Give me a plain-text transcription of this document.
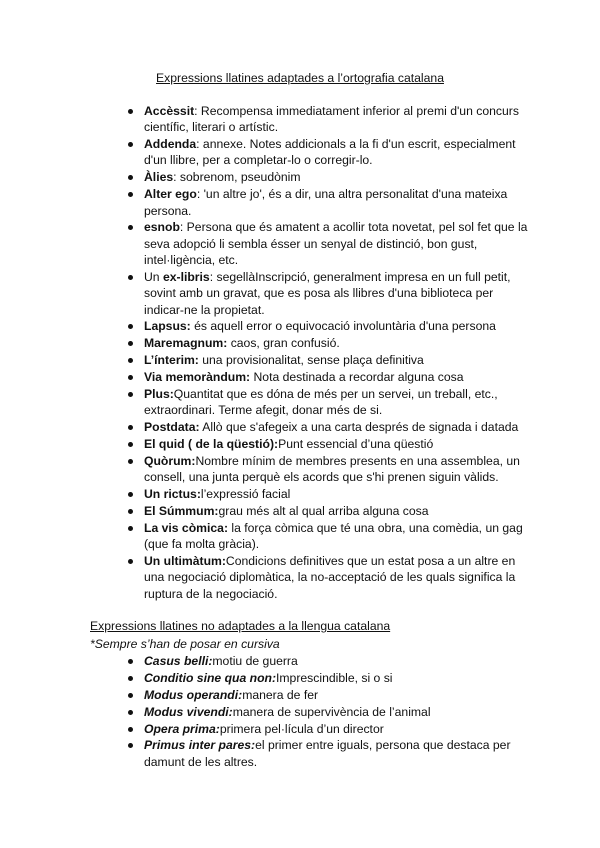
Expressions llatines adaptades a l’ortografia catalana
Accèssit: Recompensa immediatament inferior al premi d'un concurs científic, literari o artístic.
Addenda: annexe. Notes addicionals a la fi d'un escrit, especialment d'un llibre, per a completar-lo o corregir-lo.
Àlies: sobrenom, pseudònim
Alter ego: 'un altre jo', és a dir, una altra personalitat d'una mateixa persona.
esnob: Persona que és amatent a acollir tota novetat, pel sol fet que la seva adopció li sembla ésser un senyal de distinció, bon gust, intel·ligència, etc.
Un ex-libris: segellàInscripció, generalment impresa en un full petit, sovint amb un gravat, que es posa als llibres d'una biblioteca per indicar-ne la propietat.
Lapsus: és aquell error o equivocació involuntària d'una persona
Maremagnum: caos, gran confusió.
L’ínterim: una provisionalitat, sense plaça definitiva
Via memoràndum: Nota destinada a recordar alguna cosa
Plus:Quantitat que es dóna de més per un servei, un treball, etc., extraordinari. Terme afegit, donar més de si.
Postdata: Allò que s'afegeix a una carta després de signada i datada
El quid ( de la qüestió):Punt essencial d’una qüestió
Quòrum:Nombre mínim de membres presents en una assemblea, un consell, una junta perquè els acords que s'hi prenen siguin vàlids.
Un rictus:l’expressió facial
El Súmmum:grau més alt al qual arriba alguna cosa
La vis còmica: la força còmica que té una obra, una comèdia, un gag (que fa molta gràcia).
Un ultimàtum:Condicions definitives que un estat posa a un altre en una negociació diplomàtica, la no-acceptació de les quals significa la ruptura de la negociació.
Expressions llatines no adaptades a la llengua catalana
*Sempre s’han de posar en cursiva
Casus belli:motiu de guerra
Conditio sine qua non:Imprescindible, si o si
Modus operandi:manera de fer
Modus vivendi:manera de supervivència de l’animal
Opera prima:primera pel·lícula d’un director
Primus inter pares:el primer entre iguals, persona que destaca per damunt de les altres.
